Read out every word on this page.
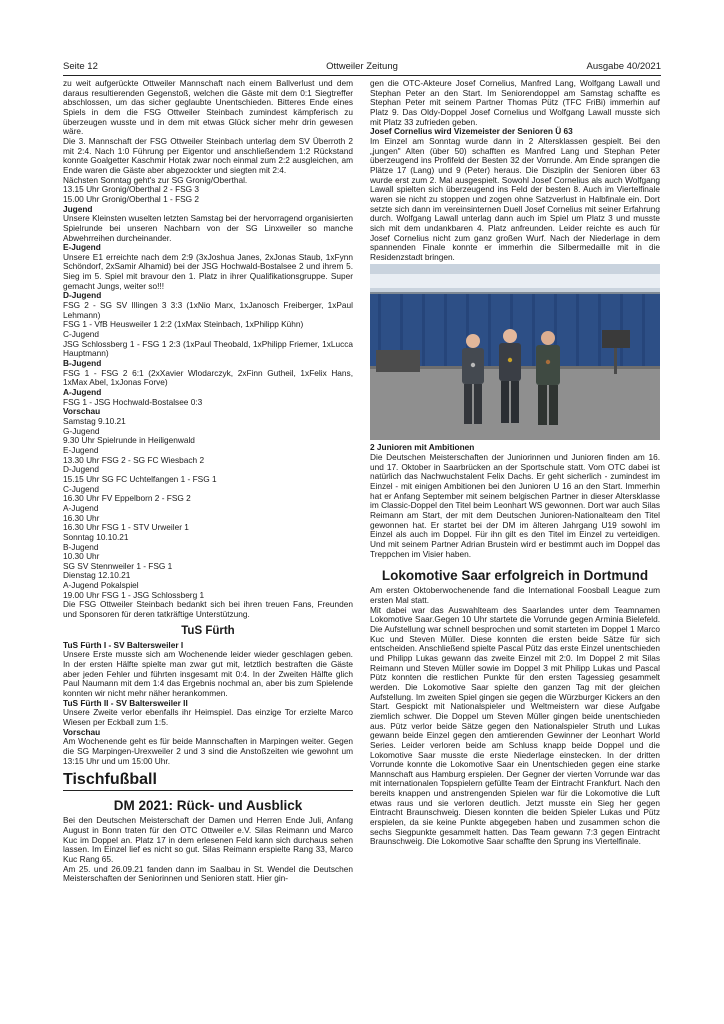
Seite 12	Ottweiler Zeitung	Ausgabe 40/2021

zu weit aufgerückte Ottweiler Mannschaft nach einem Ballverlust und dem daraus resultierenden Gegenstoß, welchen die Gäste mit dem 0:1 Siegtreffer abschlossen, um das sicher geglaubte Unentschieden. Bitteres Ende eines Spiels in dem die FSG Ottweiler Steinbach zumindest kämpferisch zu überzeugen wusste und in dem mit etwas Glück sicher mehr drin gewesen wäre.

Die 3. Mannschaft der FSG Ottweiler Steinbach unterlag dem SV Überroth 2 mit 2:4. Nach 1:0 Führung per Eigentor und anschließendem 1:2 Rückstand konnte Goalgetter Kaschmir Hotak zwar noch einmal zum 2:2 ausgleichen, am Ende waren die Gäste aber abgezockter und siegten mit 2:4.

Nächsten Sonntag geht's zur SG Gronig/Oberthal.

13.15 Uhr Gronig/Oberthal 2 - FSG 3

15.00 Uhr Gronig/Oberthal 1 - FSG 2

Jugend

Unsere Kleinsten wuselten letzten Samstag bei der hervorragend organisierten Spielrunde bei unseren Nachbarn von der SG Linxweiler so manche Abwehrreihen durcheinander.

E-Jugend

Unsere E1 erreichte nach dem 2:9 (3xJoshua Janes, 2xJonas Staub, 1xFynn Schöndorf, 2xSamir Alhamid) bei der JSG Hochwald-Bostalsee 2 und ihrem 5. Sieg im 5. Spiel mit bravour den 1. Platz in ihrer Qualifikationsgruppe. Super gemacht Jungs, weiter so!!!

D-Jugend

FSG 2 - SG SV Illingen 3 3:3 (1xNio Marx, 1xJanosch Freiberger, 1xPaul Lehmann)

FSG 1 - VfB Heusweiler 1 2:2 (1xMax Steinbach, 1xPhilipp Kühn)

C-Jugend

JSG Schlossberg 1 - FSG 1 2:3 (1xPaul Theobald, 1xPhilipp Friemer, 1xLucca Hauptmann)

B-Jugend

FSG 1 - FSG 2 6:1 (2xXavier Wlodarczyk, 2xFinn Gutheil, 1xFelix Hans, 1xMax Abel, 1xJonas Forve)

A-Jugend

FSG 1 - JSG Hochwald-Bostalsee 0:3

Vorschau

Samstag 9.10.21

G-Jugend

9.30 Uhr Spielrunde in Heiligenwald

E-Jugend

13.30 Uhr FSG 2 - SG FC Wiesbach 2

D-Jugend

15.15 Uhr SG FC Uchtelfangen 1 - FSG 1

C-Jugend

16.30 Uhr FV Eppelborn 2 - FSG 2

A-Jugend

16.30 Uhr

16.30 Uhr FSG 1 - STV Urweiler 1

Sonntag 10.10.21

B-Jugend

10.30 Uhr

SG SV Stennweiler 1 - FSG 1

Dienstag 12.10.21

A-Jugend Pokalspiel

19.00 Uhr FSG 1 - JSG Schlossberg 1

Die FSG Ottweiler Steinbach bedankt sich bei ihren treuen Fans, Freunden und Sponsoren für deren tatkräftige Unterstützung.

TuS Fürth

TuS Fürth I - SV Baltersweiler I

Unsere Erste musste sich am Wochenende leider wieder geschlagen geben. In der ersten Hälfte spielte man zwar gut mit, letztlich bestraften die Gäste aber jeden Fehler und führten insgesamt mit 0:4. In der Zweiten Hälfte glich Paul Naumann mit dem 1:4 das Ergebnis nochmal an, aber bis zum Spielende konnten wir nicht mehr näher herankommen.

TuS Fürth II - SV Baltersweiler II

Unsere Zweite verlor ebenfalls ihr Heimspiel. Das einzige Tor erzielte Marco Wiesen per Eckball zum 1:5.

Vorschau

Am Wochenende geht es für beide Mannschaften in Marpingen weiter. Gegen die SG Marpingen-Urexweiler 2 und 3 sind die Anstoßzeiten wie gewohnt um 13:15 Uhr und um 15:00 Uhr.

Tischfußball
DM 2021: Rück- und Ausblick

Bei den Deutschen Meisterschaft der Damen und Herren Ende Juli, Anfang August in Bonn traten für den OTC Ottweiler e.V. Silas Reimann und Marco Kuc im Doppel an. Platz 17 in dem erlesenen Feld kann sich durchaus sehen lassen. Im Einzel lief es nicht so gut. Silas Reimann erspielte Rang 33, Marco Kuc Rang 65.

Am 25. und 26.09.21 fanden dann im Saalbau in St. Wendel die Deutschen Meisterschaften der Seniorinnen und Senioren statt. Hier gin-

gen die OTC-Akteure Josef Cornelius, Manfred Lang, Wolfgang Lawall und Stephan Peter an den Start. Im Seniorendoppel am Samstag schaffte es Stephan Peter mit seinem Partner Thomas Pütz (TFC FriBi) immerhin auf Platz 9. Das Oldy-Doppel Josef Cornelius und Wolfgang Lawall musste sich mit Platz 33 zufrieden geben.

Josef Cornelius wird Vizemeister der Senioren Ü 63

Im Einzel am Sonntag wurde dann in 2 Altersklassen gespielt. Bei den „jungen" Alten (über 50) schafften es Manfred Lang und Stephan Peter überzeugend ins Profifeld der Besten 32 der Vorrunde. Am Ende sprangen die Plätze 17 (Lang) und 9 (Peter) heraus. Die Disziplin der Senioren über 63 wurde erst zum 2. Mal ausgespielt. Sowohl Josef Cornelius als auch Wolfgang Lawall spielten sich überzeugend ins Feld der besten 8. Auch im Viertelfinale waren sie nicht zu stoppen und zogen ohne Satzverlust in Halbfinale ein. Dort setzte sich dann im vereinsinternen Duell Josef Cornelius mit seiner Erfahrung durch. Wolfgang Lawall unterlag dann auch im Spiel um Platz 3 und musste sich mit dem undankbaren 4. Platz anfreunden. Leider reichte es auch für Josef Cornelius nicht zum ganz großen Wurf. Nach der Niederlage in dem spannenden Finale konnte er immerhin die Silbermedaille mit in die Residenzstadt bringen.

2 Junioren mit Ambitionen

Die Deutschen Meisterschaften der Juniorinnen und Junioren finden am 16. und 17. Oktober in Saarbrücken an der Sportschule statt. Vom OTC dabei ist natürlich das Nachwuchstalent Felix Dachs. Er geht sicherlich - zumindest im Einzel - mit einigen Ambitionen bei den Junioren U 16 an den Start. Immerhin hat er Anfang September mit seinem belgischen Partner in dieser Altersklasse im Classic-Doppel den Titel beim Leonhart WS gewonnen. Dort war auch Silas Reimann am Start, der mit dem Deutschen Junioren-Nationalteam den Titel gewonnen hat. Er startet bei der DM im älteren Jahrgang U19 sowohl im Einzel als auch im Doppel. Für ihn gilt es den Titel im Einzel zu verteidigen. Und mit seinem Partner Adrian Brustein wird er bestimmt auch im Doppel das Treppchen im Visier haben.

Lokomotive Saar erfolgreich in Dortmund

Am ersten Oktoberwochenende fand die International Foosball League zum ersten Mal statt.

Mit dabei war das Auswahlteam des Saarlandes unter dem Teamnamen Lokomotive Saar.Gegen 10 Uhr startete die Vorrunde gegen Arminia Bielefeld. Die Aufstellung war schnell besprochen und somit starteten im Doppel 1 Marco Kuc und Steven Müller. Diese konnten die ersten beide Sätze für sich entscheiden. Anschließend spielte Pascal Pütz das erste Einzel unentschieden und Philipp Lukas gewann das zweite Einzel mit 2:0. Im Doppel 2 mit Silas Reimann und Steven Müller sowie im Doppel 3 mit Philipp Lukas und Pascal Pütz konnten die restlichen Punkte für den ersten Tagessieg gesammelt werden. Die Lokomotive Saar spielte den ganzen Tag mit der gleichen Aufstellung. Im zweiten Spiel gingen sie gegen die Würzburger Kickers an den Start. Gespickt mit Nationalspieler und Weltmeistern war diese Aufgabe ziemlich schwer. Die Doppel um Steven Müller gingen beide unentschieden aus. Pütz verlor beide Sätze gegen den Nationalspieler Struth und Lukas gewann beide Einzel gegen den amtierenden Gewinner der Leonhart World Series. Leider verloren beide am Schluss knapp beide Doppel und die Lokomotive Saar musste die erste Niederlage einstecken. In der dritten Vorrunde konnte die Lokomotive Saar ein Unentschieden gegen eine starke Mannschaft aus Hamburg erspielen. Der Gegner der vierten Vorrunde war das mit internationalen Topspielern gefüllte Team der Eintracht Frankfurt. Nach den bereits knappen und anstrengenden Spielen war für die Lokomotive die Luft etwas raus und sie verloren deutlich. Jetzt musste ein Sieg her gegen Eintracht Braunschweig. Diesen konnten die beiden Spieler Lukas und Pütz erspielen, da sie keine Punkte abgegeben haben und zusammen schon die sechs Siegpunkte gesammelt hatten. Das Team gewann 7:3 gegen Eintracht Braunschweig. Die Lokomotive Saar schaffte den Sprung ins Viertelfinale.
